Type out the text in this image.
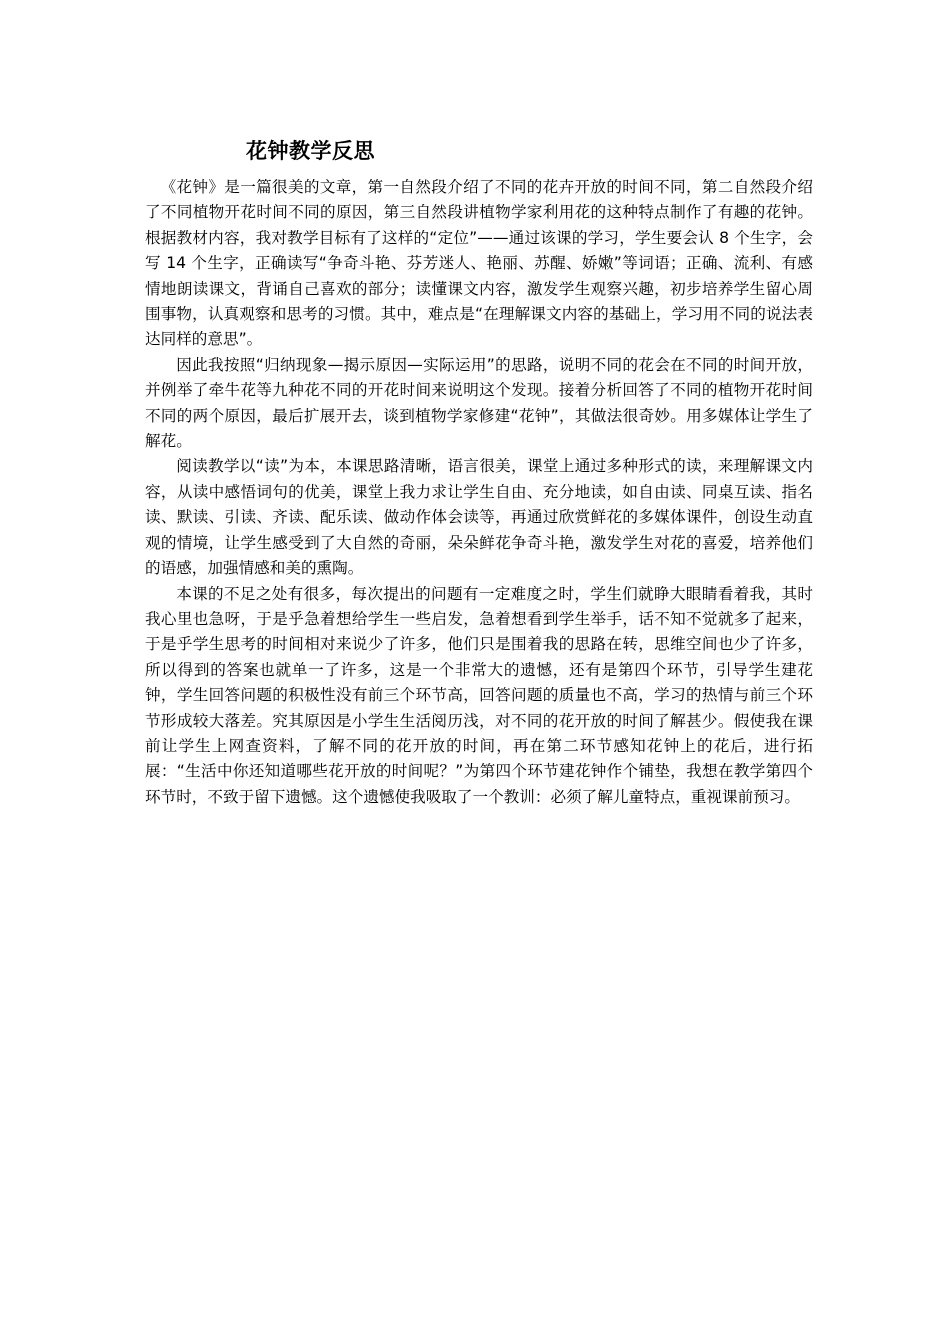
花钟教学反思

《花钟》是一篇很美的文章，第一自然段介绍了不同的花卉开放的时间不同，第二自然段介绍了不同植物开花时间不同的原因，第三自然段讲植物学家利用花的这种特点制作了有趣的花钟。根据教材内容，我对教学目标有了这样的“定位”——通过该课的学习，学生要会认 8 个生字，会写 14 个生字，正确读写“争奇斗艳、芬芳迷人、艳丽、苏醒、娇嫩”等词语；正确、流利、有感情地朗读课文，背诵自己喜欢的部分；读懂课文内容，激发学生观察兴趣，初步培养学生留心周围事物，认真观察和思考的习惯。其中，难点是“在理解课文内容的基础上，学习用不同的说法表达同样的意思”。

因此我按照“归纳现象—揭示原因—实际运用”的思路，说明不同的花会在不同的时间开放，并例举了牵牛花等九种花不同的开花时间来说明这个发现。接着分析回答了不同的植物开花时间不同的两个原因，最后扩展开去，谈到植物学家修建“花钟”，其做法很奇妙。用多媒体让学生了解花。

阅读教学以“读”为本，本课思路清晰，语言很美，课堂上通过多种形式的读，来理解课文内容，从读中感悟词句的优美，课堂上我力求让学生自由、充分地读，如自由读、同桌互读、指名读、默读、引读、齐读、配乐读、做动作体会读等，再通过欣赏鲜花的多媒体课件，创设生动直观的情境，让学生感受到了大自然的奇丽，朵朵鲜花争奇斗艳，激发学生对花的喜爱，培养他们的语感，加强情感和美的熏陶。

本课的不足之处有很多，每次提出的问题有一定难度之时，学生们就睁大眼睛看着我，其时我心里也急呀，于是乎急着想给学生一些启发，急着想看到学生举手，话不知不觉就多了起来，于是乎学生思考的时间相对来说少了许多，他们只是围着我的思路在转，思维空间也少了许多，所以得到的答案也就单一了许多，这是一个非常大的遗憾，还有是第四个环节，引导学生建花钟，学生回答问题的积极性没有前三个环节高，回答问题的质量也不高，学习的热情与前三个环节形成较大落差。究其原因是小学生生活阅历浅，对不同的花开放的时间了解甚少。假使我在课前让学生上网查资料，了解不同的花开放的时间，再在第二环节感知花钟上的花后，进行拓展：“生活中你还知道哪些花开放的时间呢？”为第四个环节建花钟作个铺垫，我想在教学第四个环节时，不致于留下遗憾。这个遗憾使我吸取了一个教训：必须了解儿童特点，重视课前预习。
